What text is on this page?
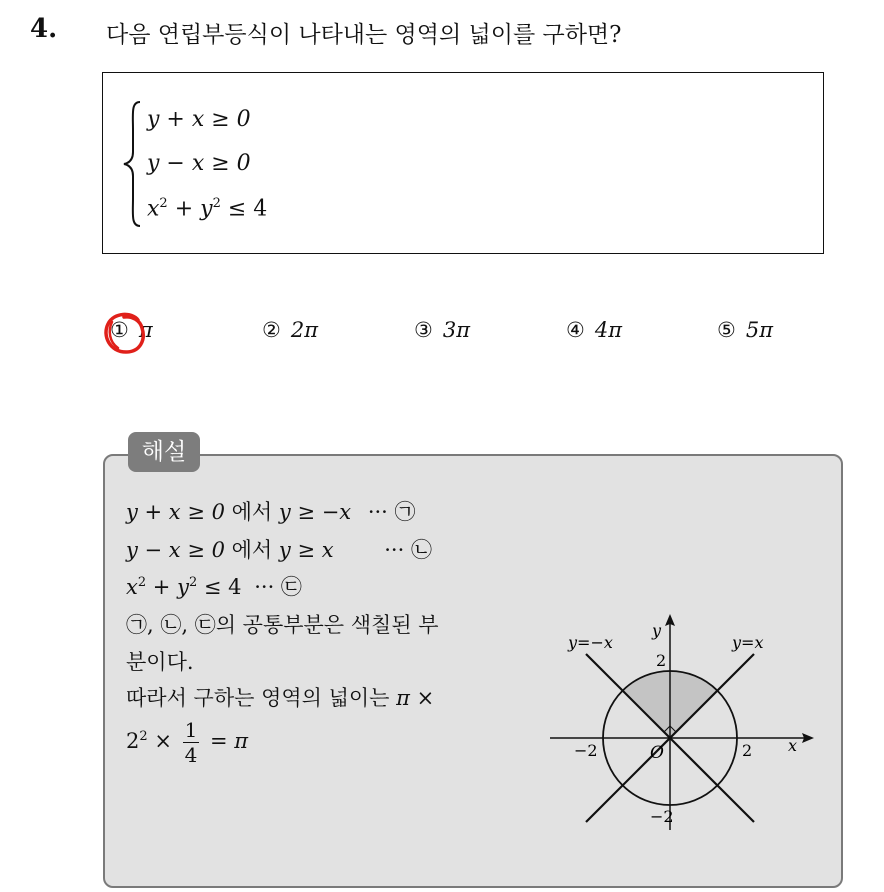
4. 다음 연립부등식이 나타내는 영역의 넓이를 구하면?
y + x ≥ 0
y − x ≥ 0
$x^2 + y^2 \le 4$
① π	② 2π	③ 3π	④ 4π	⑤ 5π
해설
y + x ≥ 0 에서 y ≥ −x ··· ㉠
y − x ≥ 0 에서 y ≥ x ··· ㉡
$x^2 + y^2 \le 4$ ··· ㉢
㉠, ㉡, ㉢의 공통부분은 색칠된 부
분이다.
따라서 구하는 영역의 넓이는 π ×
$2^2 \times \frac{1}{4} = \pi$
y=−x	y=x
y
x
O
2
−2
−2	2
